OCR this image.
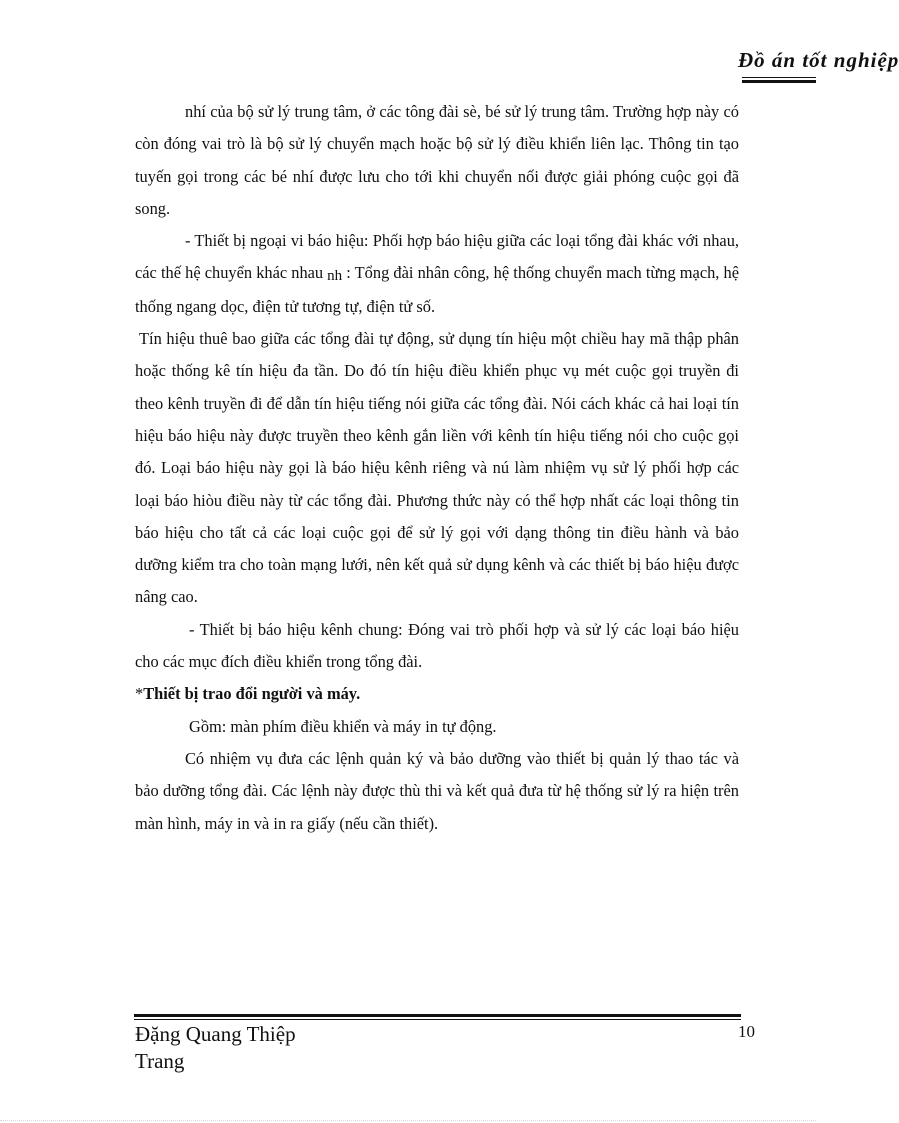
Đồ án tốt nghiệp

nhí của bộ sử lý trung tâm, ở các tông đài sè, bé sử lý trung tâm. Trường hợp này có còn đóng vai trò là bộ sử lý chuyển mạch hoặc bộ sử lý điều khiển liên lạc. Thông tin tạo tuyến gọi trong các bé nhí được lưu cho tới khi chuyển nối được giải phóng cuộc gọi đã song.

- Thiết bị ngoại vi báo hiệu: Phối hợp báo hiệu giữa các loại tổng đài khác với nhau, các thế hệ chuyển khác nhau nh : Tổng đài nhân công, hệ thống chuyển mach từng mạch, hệ thống ngang dọc, điện tử tương tự, điện tử số.

Tín hiệu thuê bao giữa các tổng đài tự động, sử dụng tín hiệu một chiều hay mã thập phân hoặc thống kê tín hiệu đa tần. Do đó tín hiệu điều khiển phục vụ mét cuộc gọi truyền đi theo kênh truyền đi để dẫn tín hiệu tiếng nói giữa các tổng đài. Nói cách khác cả hai loại tín hiệu báo hiệu này được truyền theo kênh gắn liền với kênh tín hiệu tiếng nói cho cuộc gọi đó. Loại báo hiệu này gọi là báo hiệu kênh riêng và nú làm nhiệm vụ sử lý phối hợp các loại báo hiòu điều này từ các tổng đài. Phương thức này có thể hợp nhất các loại thông tin báo hiệu cho tất cả các loại cuộc gọi để sử lý gọi với dạng thông tin điều hành và bảo dưỡng kiểm tra cho toàn mạng lưới, nên kết quả sử dụng kênh và các thiết bị báo hiệu được nâng cao.

- Thiết bị báo hiệu kênh chung: Đóng vai trò phối hợp và sử lý các loại báo hiệu cho các mục đích điều khiển trong tổng đài.

*Thiết bị trao đổi người và máy.

Gồm: màn phím điều khiển và máy in tự động.

Có nhiệm vụ đưa các lệnh quản ký và bảo dưỡng vào thiết bị quản lý thao tác và bảo dưỡng tổng đài. Các lệnh này được thù thi và kết quả đưa từ hệ thống sử lý ra hiện trên màn hình, máy in và in ra giấy (nếu cần thiết).

Đặng Quang Thiệp
Trang
10
